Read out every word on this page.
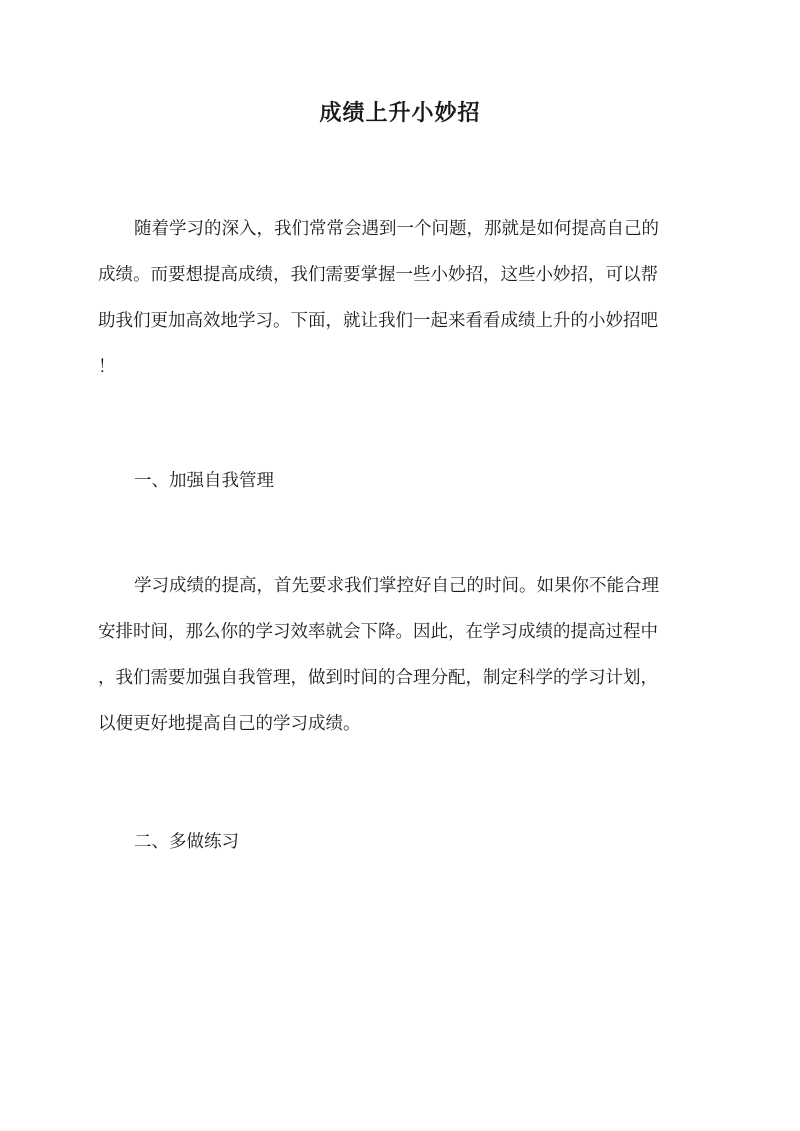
成绩上升小妙招

随着学习的深入，我们常常会遇到一个问题，那就是如何提高自己的
成绩。而要想提高成绩，我们需要掌握一些小妙招，这些小妙招，可以帮
助我们更加高效地学习。下面，就让我们一起来看看成绩上升的小妙招吧
！

一、加强自我管理

学习成绩的提高，首先要求我们掌控好自己的时间。如果你不能合理
安排时间，那么你的学习效率就会下降。因此，在学习成绩的提高过程中
，我们需要加强自我管理，做到时间的合理分配，制定科学的学习计划，
以便更好地提高自己的学习成绩。

二、多做练习
